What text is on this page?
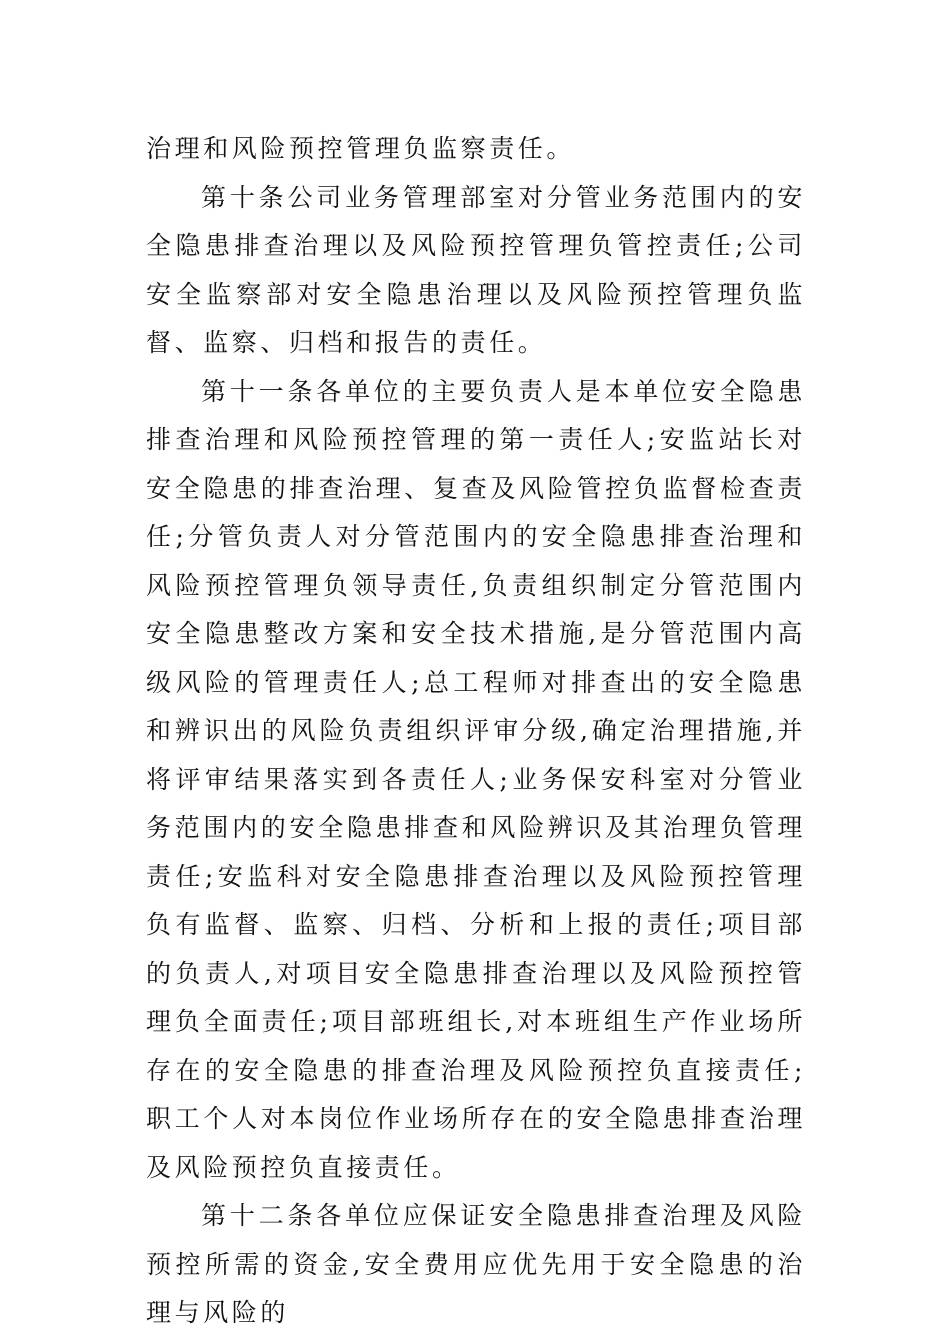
治理和风险预控管理负监察责任。

第十条公司业务管理部室对分管业务范围内的安全隐患排查治理以及风险预控管理负管控责任;公司安全监察部对安全隐患治理以及风险预控管理负监督、监察、归档和报告的责任。

第十一条各单位的主要负责人是本单位安全隐患排查治理和风险预控管理的第一责任人;安监站长对安全隐患的排查治理、复查及风险管控负监督检查责任;分管负责人对分管范围内的安全隐患排查治理和风险预控管理负领导责任,负责组织制定分管范围内安全隐患整改方案和安全技术措施,是分管范围内高级风险的管理责任人;总工程师对排查出的安全隐患和辨识出的风险负责组织评审分级,确定治理措施,并将评审结果落实到各责任人;业务保安科室对分管业务范围内的安全隐患排查和风险辨识及其治理负管理责任;安监科对安全隐患排查治理以及风险预控管理负有监督、监察、归档、分析和上报的责任;项目部的负责人,对项目安全隐患排查治理以及风险预控管理负全面责任;项目部班组长,对本班组生产作业场所存在的安全隐患的排查治理及风险预控负直接责任;职工个人对本岗位作业场所存在的安全隐患排查治理及风险预控负直接责任。

第十二条各单位应保证安全隐患排查治理及风险预控所需的资金,安全费用应优先用于安全隐患的治理与风险的
